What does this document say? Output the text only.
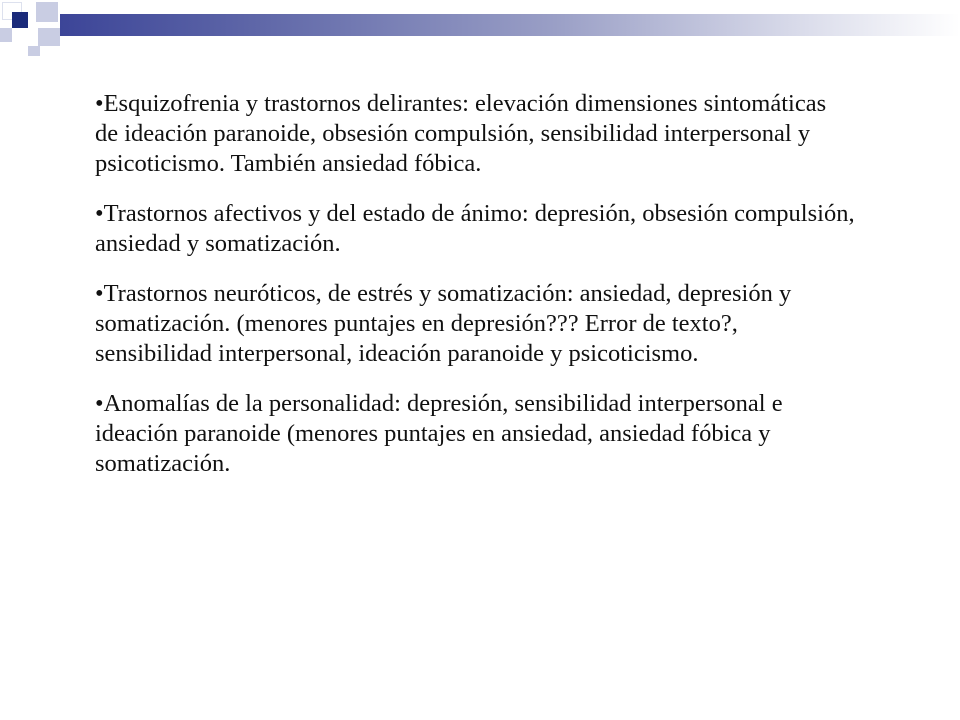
•Esquizofrenia y trastornos delirantes: elevación dimensiones sintomáticas de ideación paranoide, obsesión compulsión, sensibilidad interpersonal y psicoticismo. También ansiedad fóbica.

•Trastornos afectivos y del estado de ánimo: depresión, obsesión compulsión, ansiedad y somatización.

•Trastornos neuróticos, de estrés y somatización: ansiedad, depresión y somatización. (menores puntajes en depresión??? Error de texto?, sensibilidad interpersonal, ideación paranoide y psicoticismo.

•Anomalías de la personalidad: depresión, sensibilidad interpersonal e ideación paranoide (menores puntajes en ansiedad, ansiedad fóbica y somatización.
